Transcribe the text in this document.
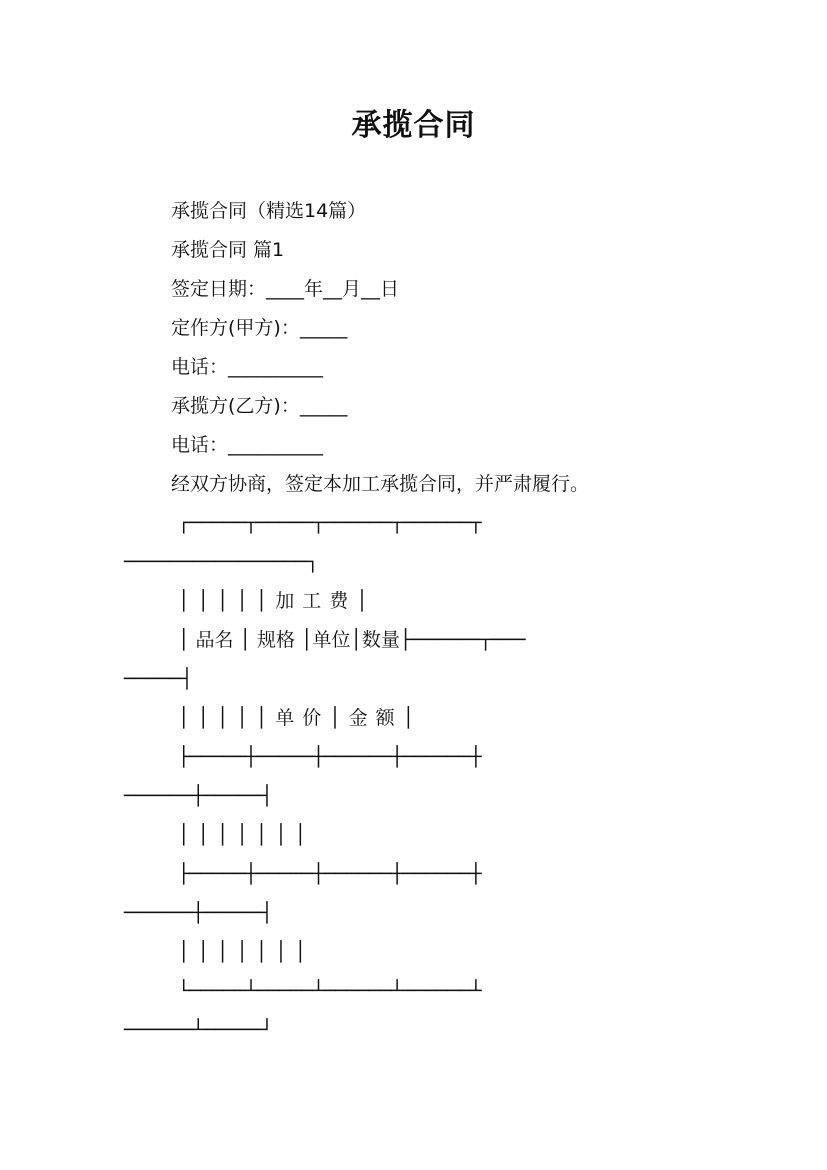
承揽合同
承揽合同（精选14篇）
承揽合同 篇1
签定日期：____年__月__日
定作方(甲方)：_____
电话：__________
承揽方(乙方)：_____
电话：__________
经双方协商，签定本加工承揽合同，并严肃履行。
┌─────┬─────┬──────┬──────┬
────────────────┐
│││││加工费│
│ 品名 │ 规格 │单位│数量├──────┬───
─────┤
│││││单价│金额│
├─────┼─────┼──────┼──────┼
──────┼─────┤
│││││││
├─────┼─────┼──────┼──────┼
──────┼─────┤
│││││││
└─────┴─────┴──────┴──────┴
──────┴─────┘
